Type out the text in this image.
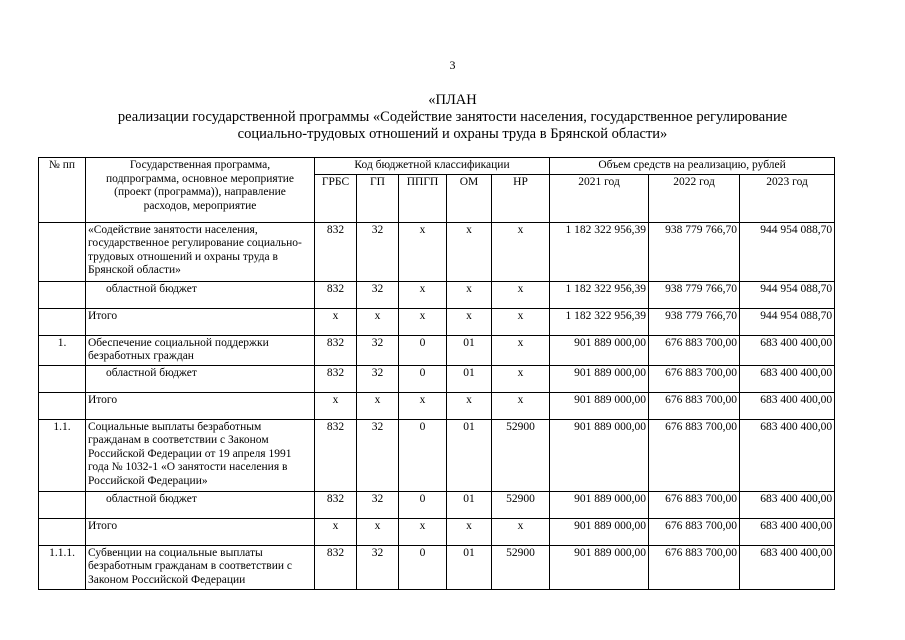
3
«ПЛАН
реализации государственной программы «Содействие занятости населения, государственное регулирование
социально-трудовых отношений и охраны труда в Брянской области»
№ пп	Государственная программа, подпрограмма, основное мероприятие (проект (программа)), направление расходов, мероприятие	Код бюджетной классификации					Объем средств на реализацию, рублей		
		ГРБС	ГП	ППГП	ОМ	НР	2021 год	2022 год	2023 год
	«Содействие занятости населения, государственное регулирование социально-трудовых отношений и охраны труда в Брянской области»	832	32	х	х	х	1 182 322 956,39	938 779 766,70	944 954 088,70
	областной бюджет	832	32	х	х	х	1 182 322 956,39	938 779 766,70	944 954 088,70
	Итого	х	х	х	х	х	1 182 322 956,39	938 779 766,70	944 954 088,70
1.	Обеспечение социальной поддержки безработных граждан	832	32	0	01	х	901 889 000,00	676 883 700,00	683 400 400,00
	областной бюджет	832	32	0	01	х	901 889 000,00	676 883 700,00	683 400 400,00
	Итого	х	х	х	х	х	901 889 000,00	676 883 700,00	683 400 400,00
1.1.	Социальные выплаты безработным гражданам в соответствии с Законом Российской Федерации от 19 апреля 1991 года № 1032-1 «О занятости населения в Российской Федерации»	832	32	0	01	52900	901 889 000,00	676 883 700,00	683 400 400,00
	областной бюджет	832	32	0	01	52900	901 889 000,00	676 883 700,00	683 400 400,00
	Итого	х	х	х	х	х	901 889 000,00	676 883 700,00	683 400 400,00
1.1.1.	Субвенции на социальные выплаты безработным гражданам в соответствии с Законом Российской Федерации	832	32	0	01	52900	901 889 000,00	676 883 700,00	683 400 400,00
